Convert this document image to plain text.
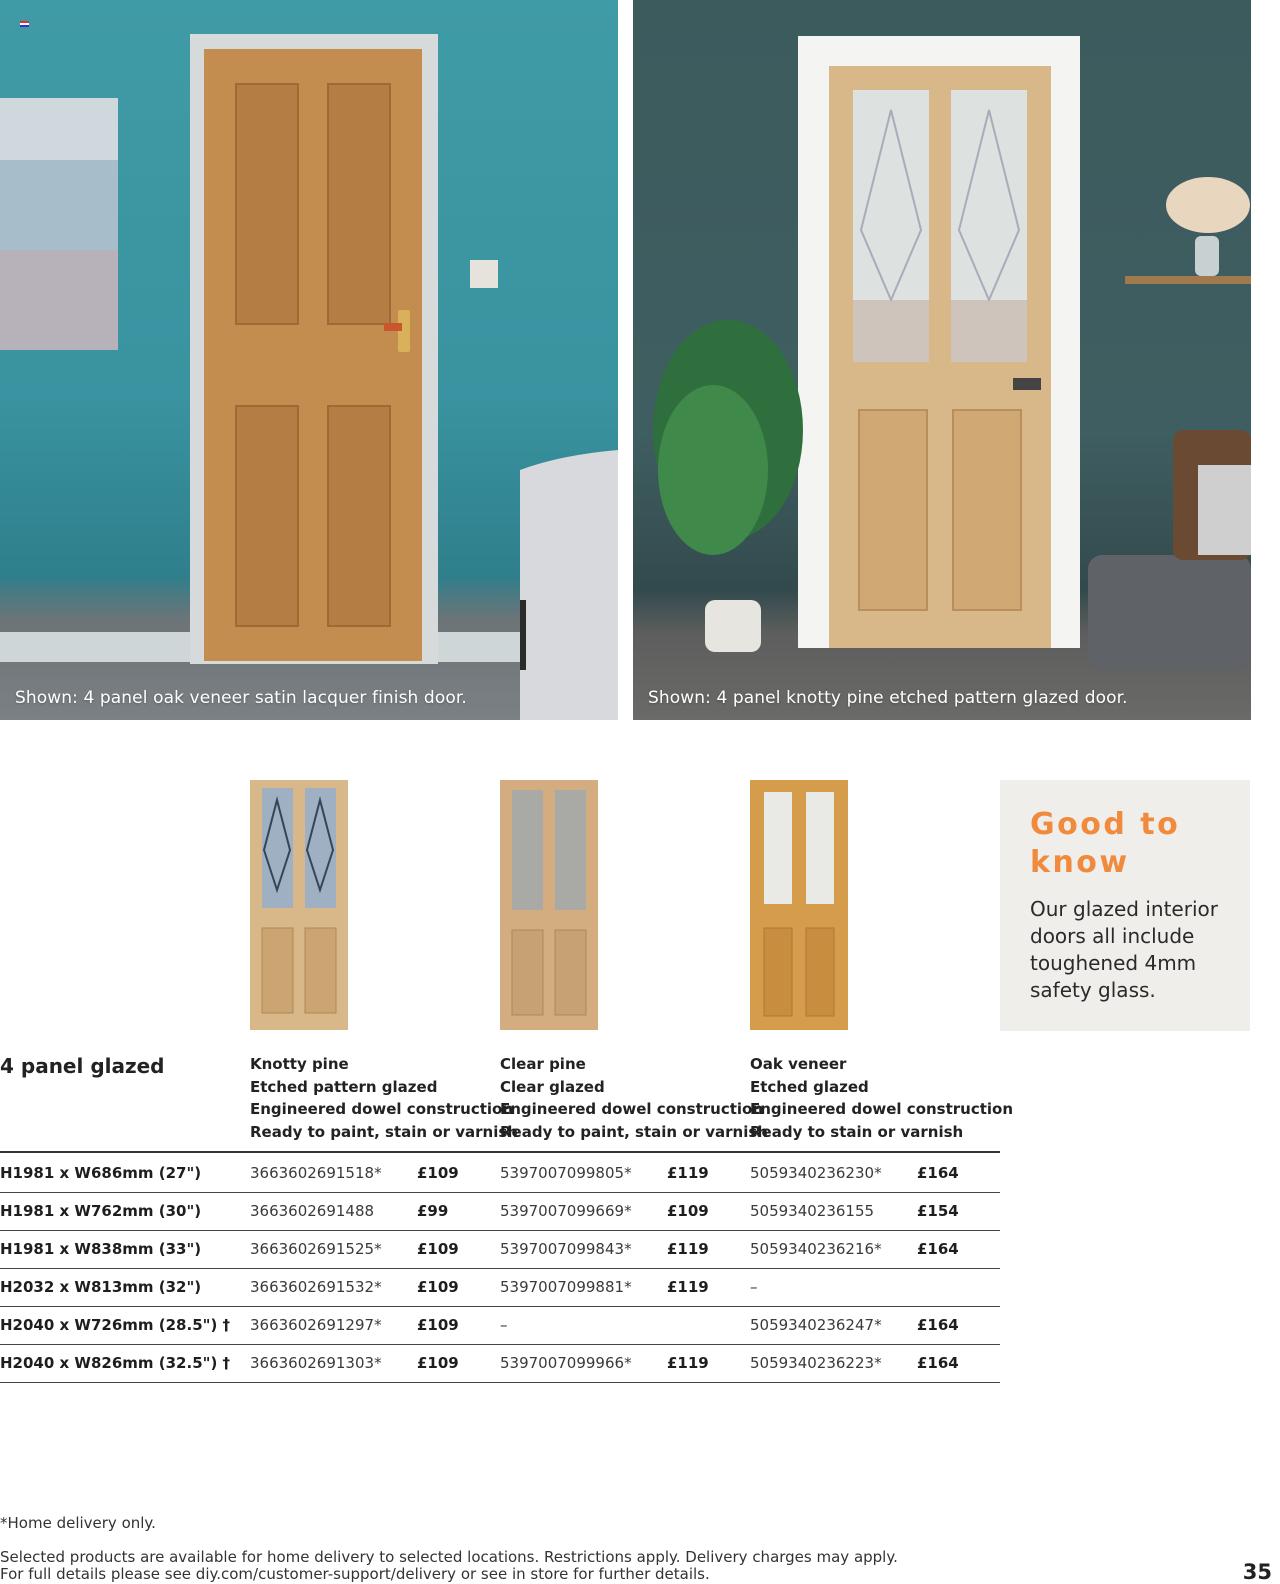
Shown: 4 panel oak veneer satin lacquer finish door.	Shown: 4 panel knotty pine etched pattern glazed door.

Good to
know

Our glazed interior doors all include toughened 4mm safety glass.
4 panel glazed	Knotty pine
Etched pattern glazed
Engineered dowel construction
Ready to paint, stain or varnish
Clear pine
Clear glazed
Engineered dowel construction
Ready to paint, stain or varnish
Oak veneer
Etched glazed
Engineered dowel construction
Ready to stain or varnish
H1981 x W686mm (27")	3663602691518* £109	5397007099805* £119	5059340236230* £164
H1981 x W762mm (30")	3663602691488	£99	5397007099669* £109	5059340236155	£154
H1981 x W838mm (33")	3663602691525* £109	5397007099843* £119	5059340236216* £164
H2032 x W813mm (32")	3663602691532* £109	5397007099881* £119	–
H2040 x W726mm (28.5") † 3663602691297* £109	–	5059340236247* £164
H2040 x W826mm (32.5") † 3663602691303* £109	5397007099966* £119	5059340236223* £164
*Home delivery only.
Selected products are available for home delivery to selected locations. Restrictions apply. Delivery charges may apply.
For full details please see diy.com/customer-support/delivery or see in store for further details.	35
